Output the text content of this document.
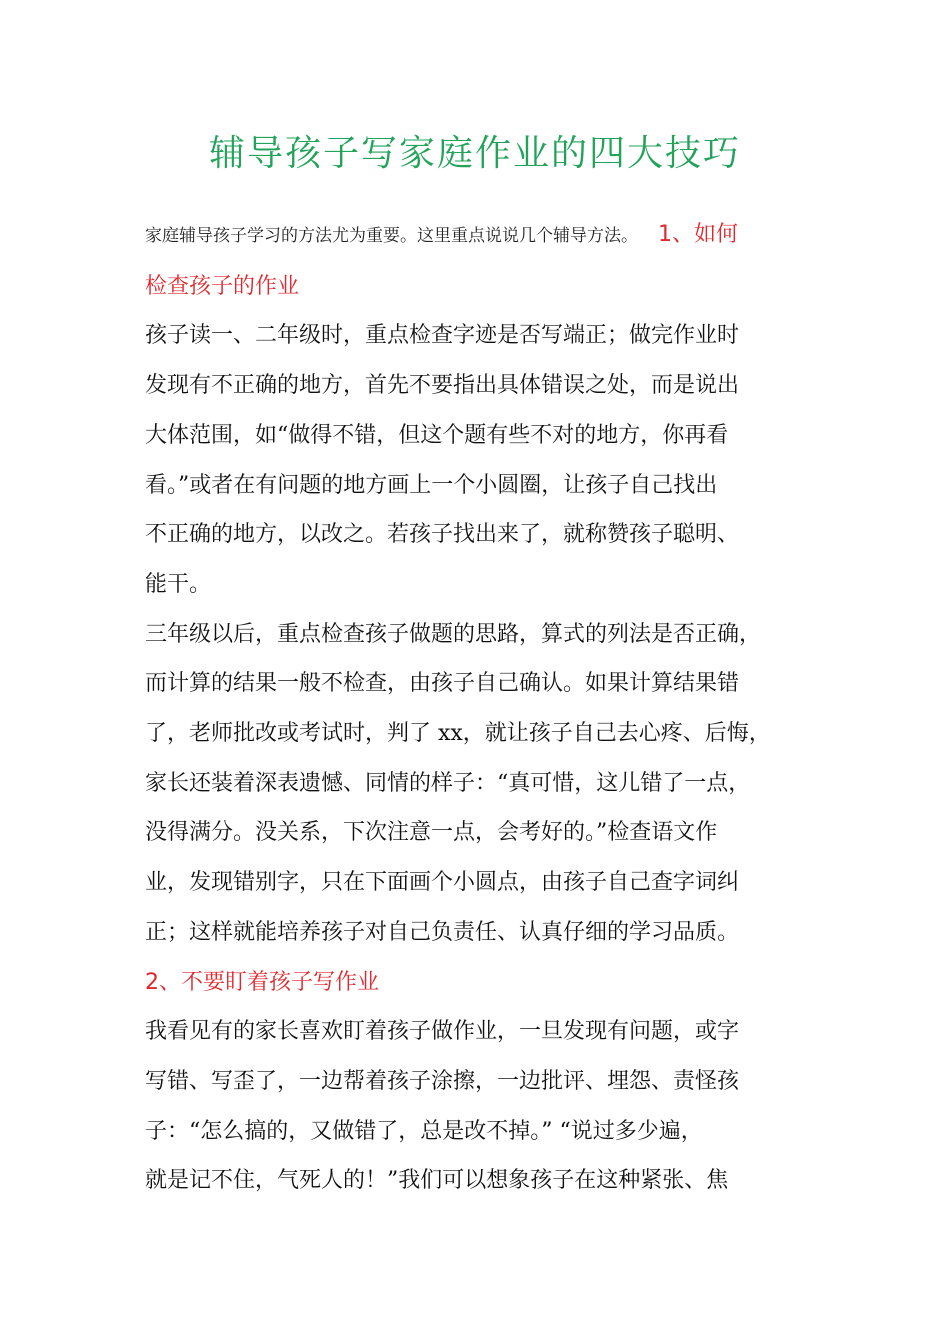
辅导孩子写家庭作业的四大技巧

家庭辅导孩子学习的方法尤为重要。这里重点说说几个辅导方法。 1、如何

检查孩子的作业

孩子读一、二年级时，重点检查字迹是否写端正；做完作业时

发现有不正确的地方，首先不要指出具体错误之处，而是说出

大体范围，如“做得不错，但这个题有些不对的地方，你再看

看。”或者在有问题的地方画上一个小圆圈，让孩子自己找出

不正确的地方，以改之。若孩子找出来了，就称赞孩子聪明、

能干。

三年级以后，重点检查孩子做题的思路，算式的列法是否正确，

而计算的结果一般不检查，由孩子自己确认。如果计算结果错

了，老师批改或考试时，判了 xx，就让孩子自己去心疼、后悔，

家长还装着深表遗憾、同情的样子：“真可惜，这儿错了一点，

没得满分。没关系，下次注意一点，会考好的。”检查语文作

业，发现错别字，只在下面画个小圆点，由孩子自己查字词纠

正；这样就能培养孩子对自己负责任、认真仔细的学习品质。

2、不要盯着孩子写作业

我看见有的家长喜欢盯着孩子做作业，一旦发现有问题，或字

写错、写歪了，一边帮着孩子涂擦，一边批评、埋怨、责怪孩

子：“怎么搞的，又做错了，总是改不掉。” “说过多少遍，

就是记不住，气死人的！”我们可以想象孩子在这种紧张、焦
